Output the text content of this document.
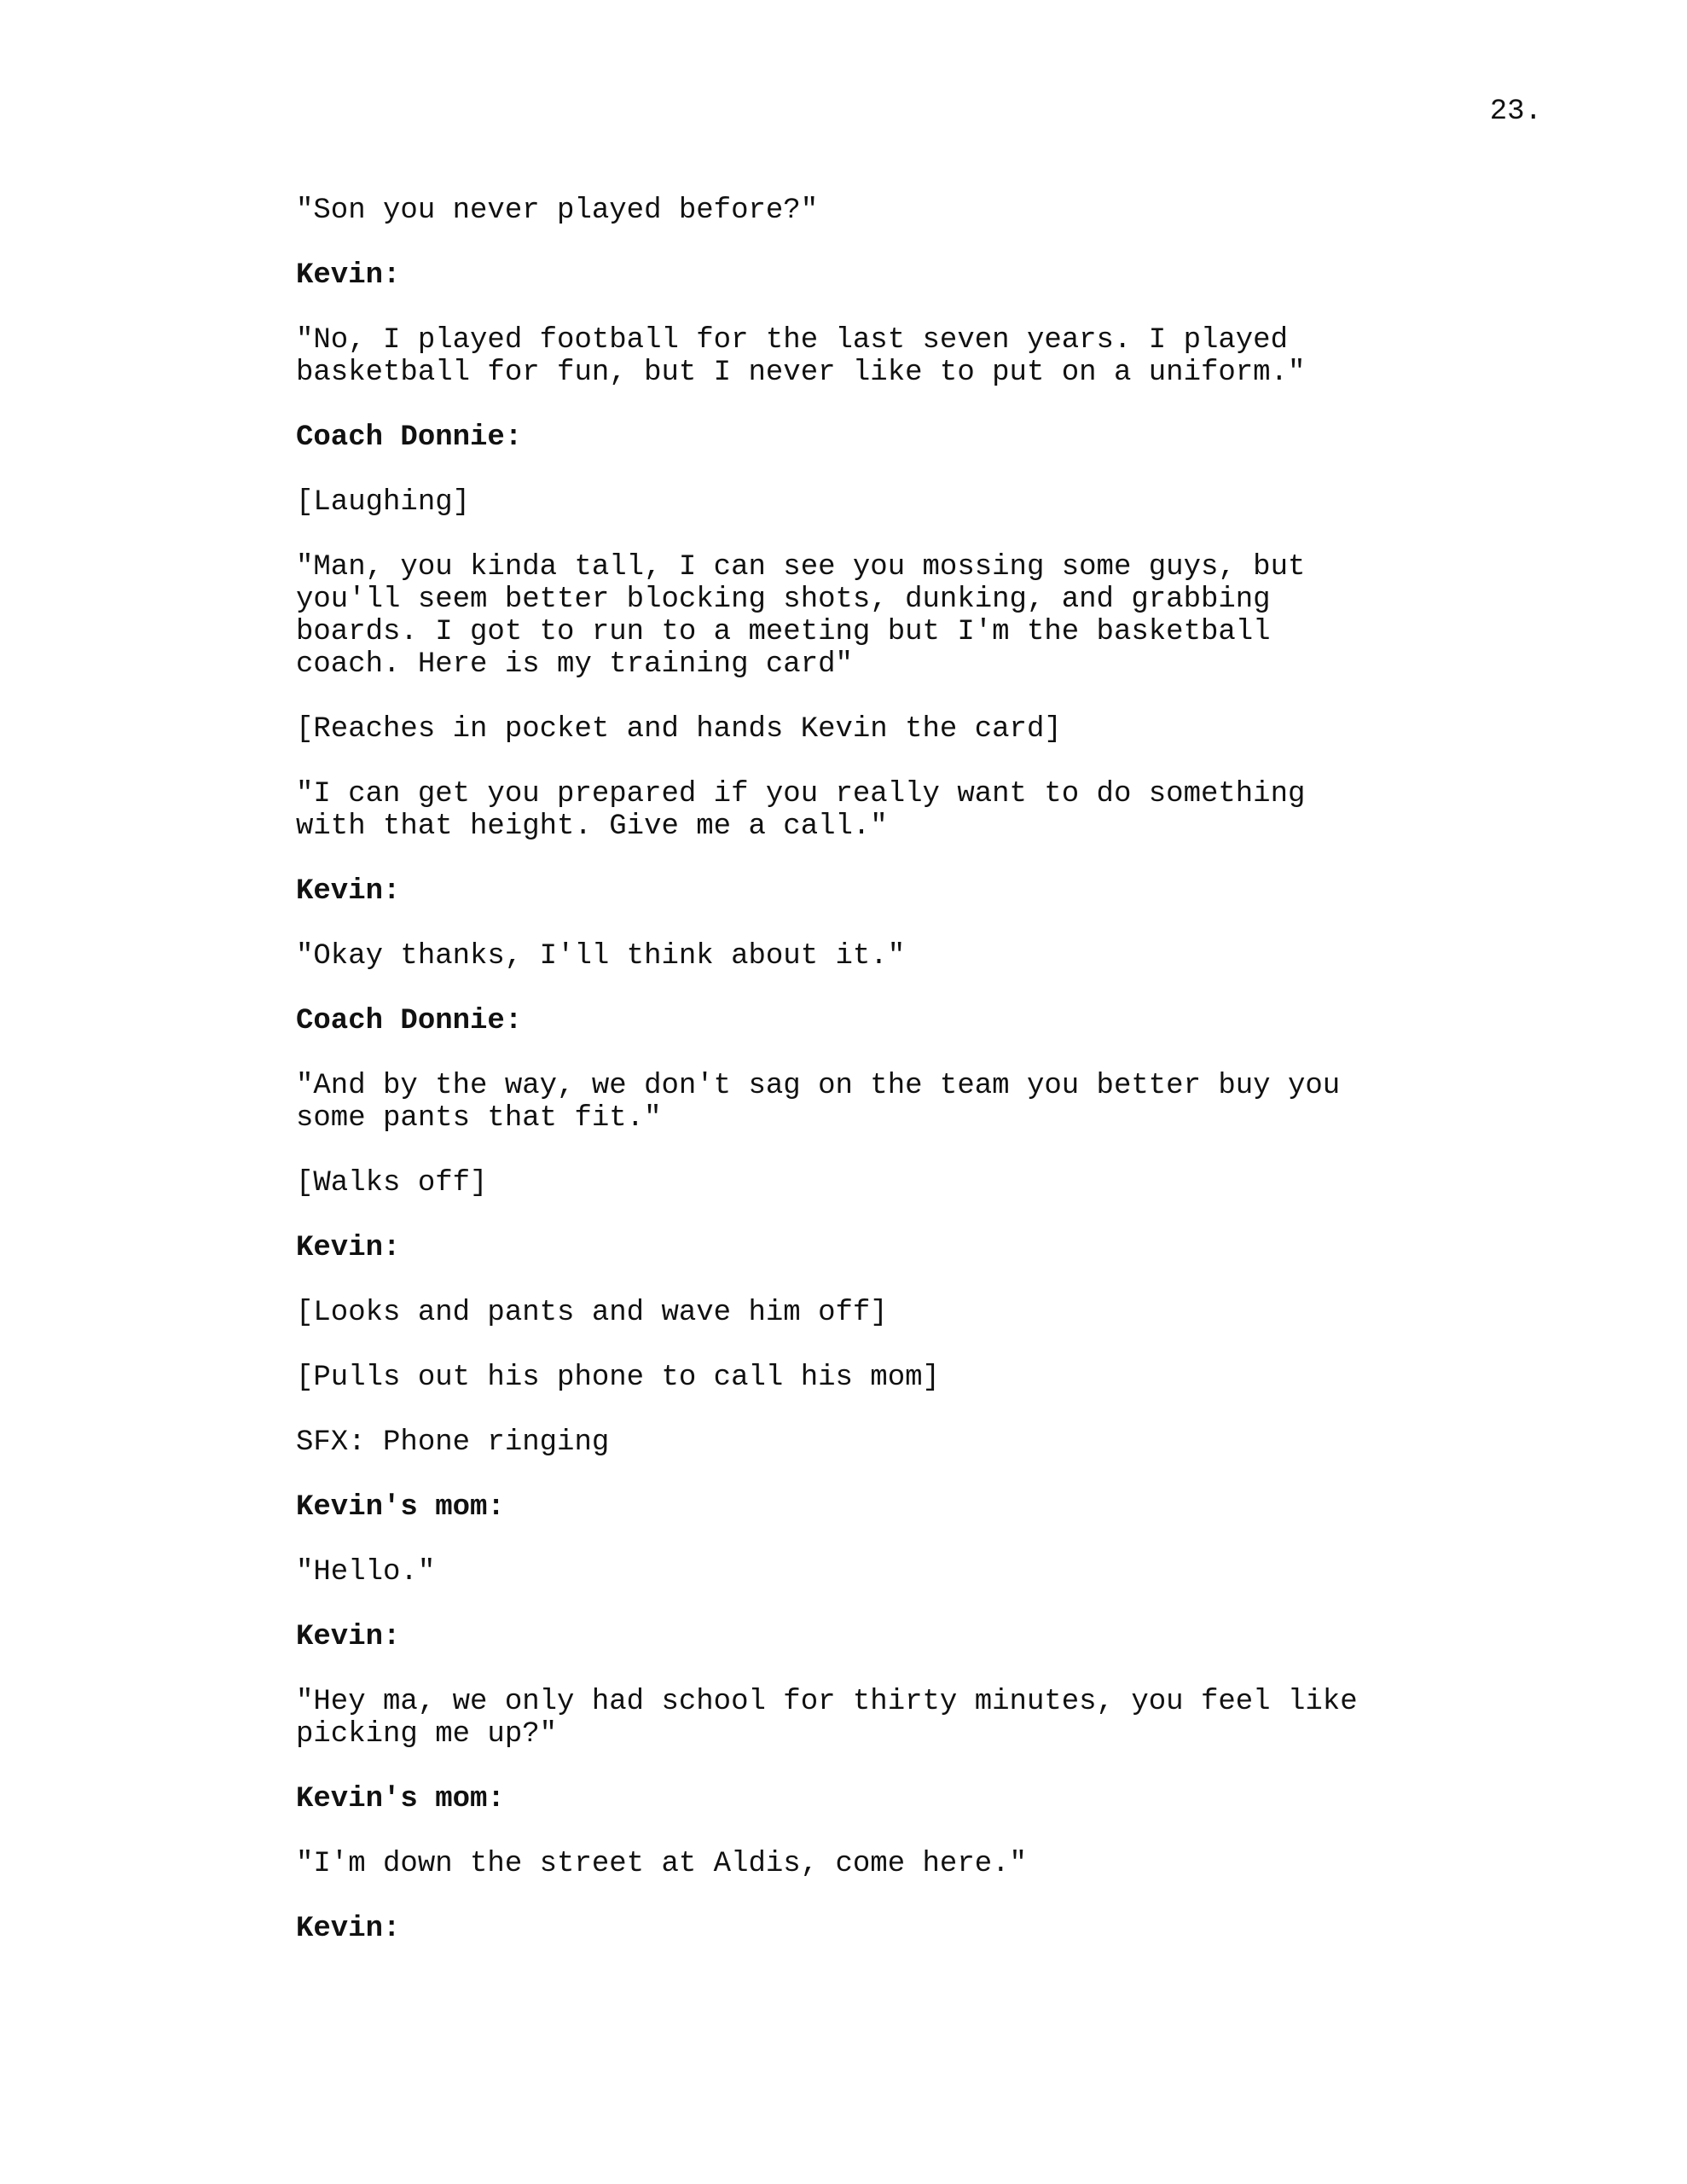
23.
"Son you never played before?"
Kevin:
"No, I played football for the last seven years. I played
basketball for fun, but I never like to put on a uniform."
Coach Donnie:
[Laughing]
"Man, you kinda tall, I can see you mossing some guys, but
you'll seem better blocking shots, dunking, and grabbing
boards. I got to run to a meeting but I'm the basketball
coach. Here is my training card"
[Reaches in pocket and hands Kevin the card]
"I can get you prepared if you really want to do something
with that height. Give me a call."
Kevin:
"Okay thanks, I'll think about it."
Coach Donnie:
"And by the way, we don't sag on the team you better buy you
some pants that fit."
[Walks off]
Kevin:
[Looks and pants and wave him off]
[Pulls out his phone to call his mom]
SFX: Phone ringing
Kevin's mom:
"Hello."
Kevin:
"Hey ma, we only had school for thirty minutes, you feel like
picking me up?"
Kevin's mom:
"I'm down the street at Aldis, come here."
Kevin:
